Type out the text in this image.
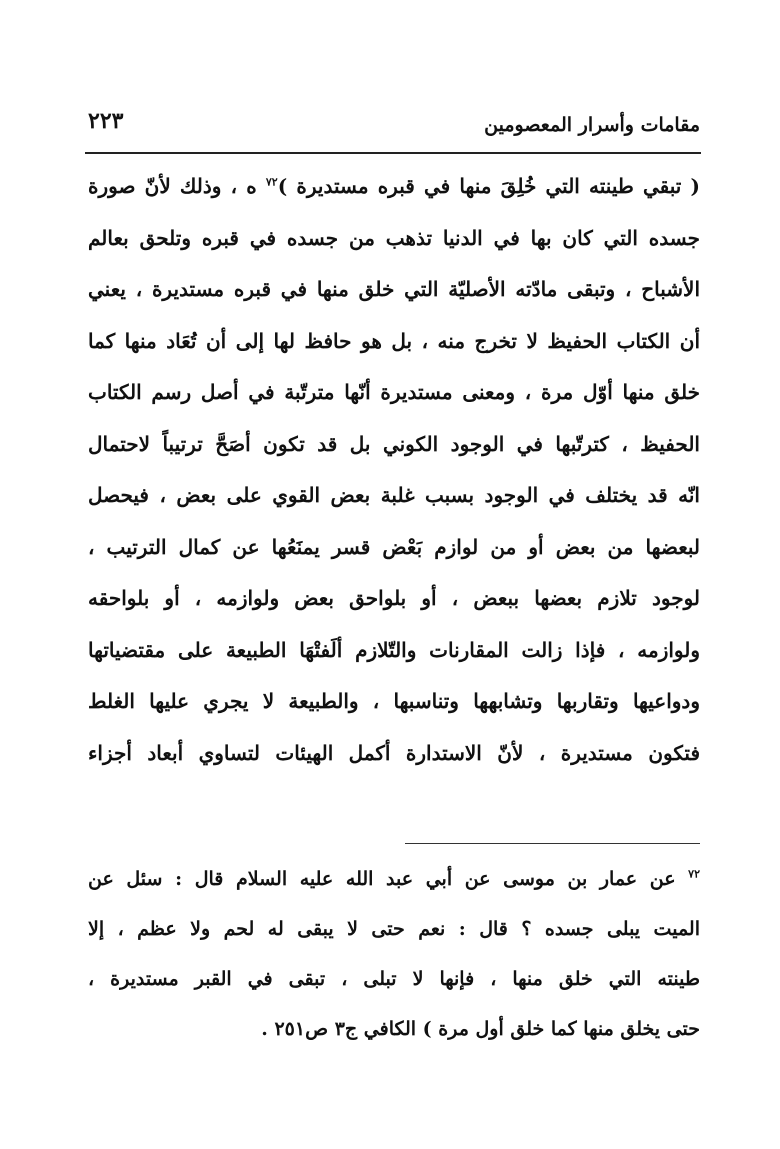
مقامات وأسرار المعصومين
٢٢٣
( تبقي طينته التي خُلِقَ منها في قبره مستديرة )$^{٧٢}$ ه ، وذلك لأنّ صورة
جسده التي كان بها في الدنيا تذهب من جسده في قبره وتلحق بعالم
الأشباح ، وتبقى مادّته الأصليّة التي خلق منها في قبره مستديرة ، يعني
أن الكتاب الحفيظ لا تخرج منه ، بل هو حافظ لها إلى أن تُعَاد منها كما
خلق منها أوّل مرة ، ومعنى مستديرة أنّها مترتّبة في أصل رسم الكتاب
الحفيظ ، كترتّبها في الوجود الكوني بل قد تكون أصَحَّ ترتيباً لاحتمال
انّه قد يختلف في الوجود بسبب غلبة بعض القوي على بعض ، فيحصل
لبعضها من بعض أو من لوازم بَعْض قسر يمنَعُها عن كمال الترتيب ،
لوجود تلازم بعضها ببعض ، أو بلواحق بعض ولوازمه ، أو بلواحقه
ولوازمه ، فإذا زالت المقارنات والتّلازم ألَفتْهَا الطبيعة على مقتضياتها
ودواعيها وتقاربها وتشابهها وتناسبها ، والطبيعة لا يجري عليها الغلط
فتكون مستديرة ، لأنّ الاستدارة أكمل الهيئات لتساوي أبعاد أجزاء
$^{٧٢}$ عن عمار بن موسى عن أبي عبد الله عليه السلام قال : سئل عن
الميت يبلى جسده ؟ قال : نعم حتى لا يبقى له لحم ولا عظم ، إلا
طينته التي خلق منها ، فإنها لا تبلى ، تبقى في القبر مستديرة ،
حتى يخلق منها كما خلق أول مرة ) الكافي ج٣ ص٢٥١ .
